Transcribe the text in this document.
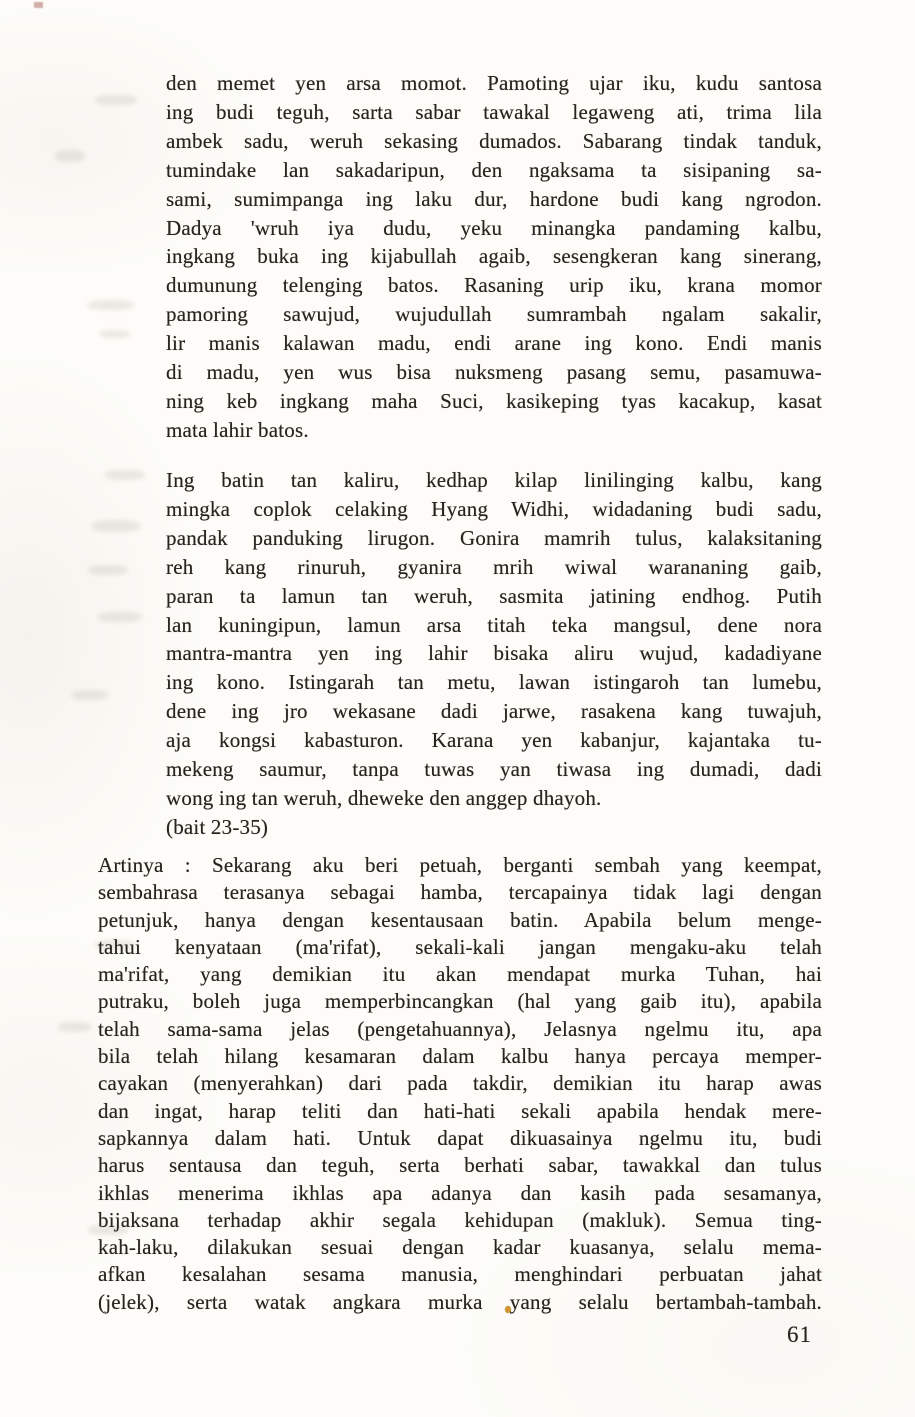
den memet yen arsa momot. Pamoting ujar iku, kudu santosa
ing budi teguh, sarta sabar tawakal legaweng ati, trima lila
ambek sadu, weruh sekasing dumados. Sabarang tindak tanduk,
tumindake lan sakadaripun, den ngaksama ta sisipaning sa-
sami, sumimpanga ing laku dur, hardone budi kang ngrodon.
Dadya 'wruh iya dudu, yeku minangka pandaming kalbu,
ingkang buka ing kijabullah agaib, sesengkeran kang sinerang,
dumunung telenging batos. Rasaning urip iku, krana momor
pamoring sawujud, wujudullah sumrambah ngalam sakalir,
lir manis kalawan madu, endi arane ing kono. Endi manis
di madu, yen wus bisa nuksmeng pasang semu, pasamuwa-
ning keb ingkang maha Suci, kasikeping tyas kacakup, kasat
mata lahir batos.
Ing batin tan kaliru, kedhap kilap linilinging kalbu, kang
mingka coplok celaking Hyang Widhi, widadaning budi sadu,
pandak panduking lirugon. Gonira mamrih tulus, kalaksitaning
reh kang rinuruh, gyanira mrih wiwal warananing gaib,
paran ta lamun tan weruh, sasmita jatining endhog. Putih
lan kuningipun, lamun arsa titah teka mangsul, dene nora
mantra-mantra yen ing lahir bisaka aliru wujud, kadadiyane
ing kono. Istingarah tan metu, lawan istingaroh tan lumebu,
dene ing jro wekasane dadi jarwe, rasakena kang tuwajuh,
aja kongsi kabasturon. Karana yen kabanjur, kajantaka tu-
mekeng saumur, tanpa tuwas yan tiwasa ing dumadi, dadi
wong ing tan weruh, dheweke den anggep dhayoh.
(bait 23-35)
Artinya : Sekarang aku beri petuah, berganti sembah yang keempat,
sembahrasa terasanya sebagai hamba, tercapainya tidak lagi dengan
petunjuk, hanya dengan kesentausaan batin. Apabila belum menge-
tahui kenyataan (ma'rifat), sekali-kali jangan mengaku-aku telah
ma'rifat, yang demikian itu akan mendapat murka Tuhan, hai
putraku, boleh juga memperbincangkan (hal yang gaib itu), apabila
telah sama-sama jelas (pengetahuannya), Jelasnya ngelmu itu, apa
bila telah hilang kesamaran dalam kalbu hanya percaya memper-
cayakan (menyerahkan) dari pada takdir, demikian itu harap awas
dan ingat, harap teliti dan hati-hati sekali apabila hendak mere-
sapkannya dalam hati. Untuk dapat dikuasainya ngelmu itu, budi
harus sentausa dan teguh, serta berhati sabar, tawakkal dan tulus
ikhlas menerima ikhlas apa adanya dan kasih pada sesamanya,
bijaksana terhadap akhir segala kehidupan (makluk). Semua ting-
kah-laku, dilakukan sesuai dengan kadar kuasanya, selalu mema-
afkan kesalahan sesama manusia, menghindari perbuatan jahat
(jelek), serta watak angkara murka yang selalu bertambah-tambah.
61
